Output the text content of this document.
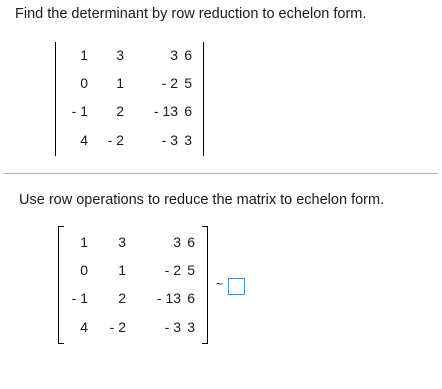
Find the determinant by row reduction to echelon form.
1	3	3 6
0	1	- 2 5
- 1	2	- 13 6
4	- 2	- 3 3
Use row operations to reduce the matrix to echelon form.
1	3	3 6
0	1	- 2 5
- 1	2	- 13 6
4	- 2	- 3 3
~
